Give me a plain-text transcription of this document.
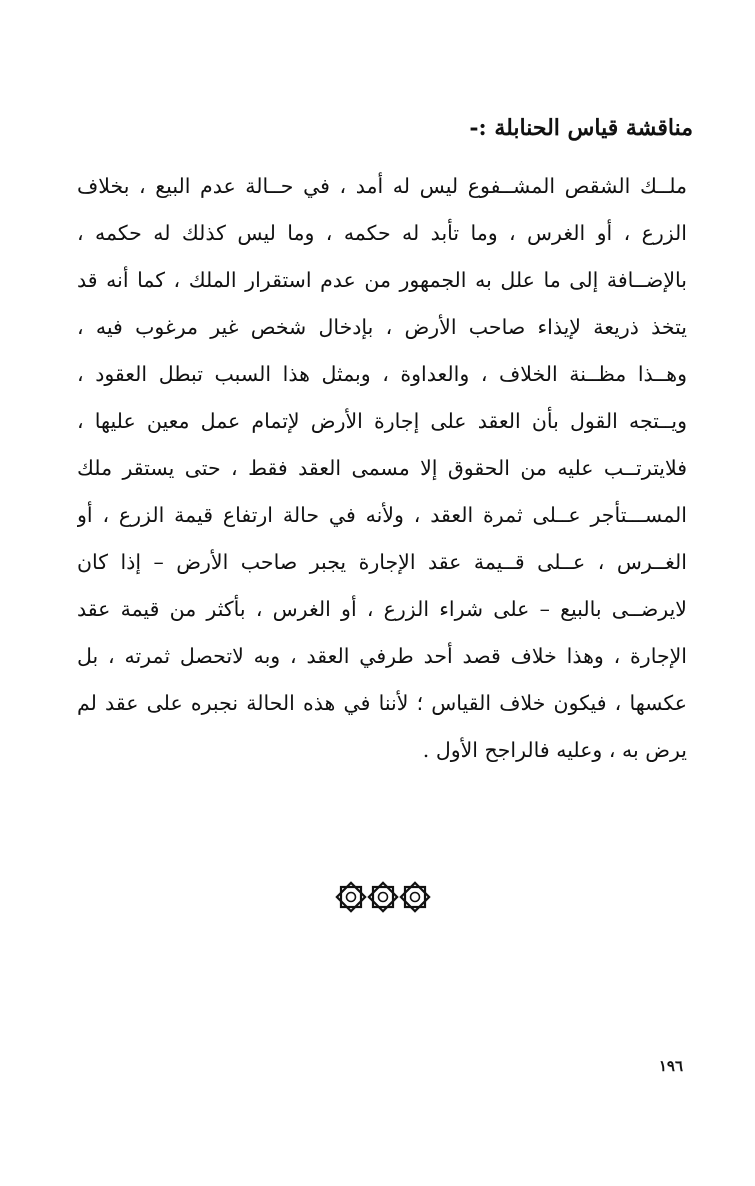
مناقشة قياس الحنابلة :-
ملــك الشقص المشــفوع ليس له أمد ، في حــالة عدم البيع ، بخلاف
الزرع ، أو الغرس ، وما تأبد له حكمه ، وما ليس كذلك له حكمه ،
بالإضــافة إلى ما علل به الجمهور من عدم استقرار الملك ، كما أنه قد
يتخذ ذريعة لإيذاء صاحب الأرض ، بإدخال شخص غير مرغوب فيه ،
وهــذا مظــنة الخلاف ، والعداوة ، وبمثل هذا السبب تبطل العقود ،
ويــتجه القول بأن العقد على إجارة الأرض لإتمام عمل معين عليها ،
فلايترتــب عليه من الحقوق إلا مسمى العقد فقط ، حتى يستقر ملك
المســـتأجر عــلى ثمرة العقد ، ولأنه في حالة ارتفاع قيمة الزرع ، أو
الغــرس ، عــلى قــيمة عقد الإجارة يجبر صاحب الأرض – إذا كان
لايرضــى بالبيع – على شراء الزرع ، أو الغرس ، بأكثر من قيمة عقد
الإجارة ، وهذا خلاف قصد أحد طرفي العقد ، وبه لاتحصل ثمرته ، بل
عكسها ، فيكون خلاف القياس ؛ لأننا في هذه الحالة نجبره على عقد لم
يرض به ، وعليه فالراجح الأول .
١٩٦
